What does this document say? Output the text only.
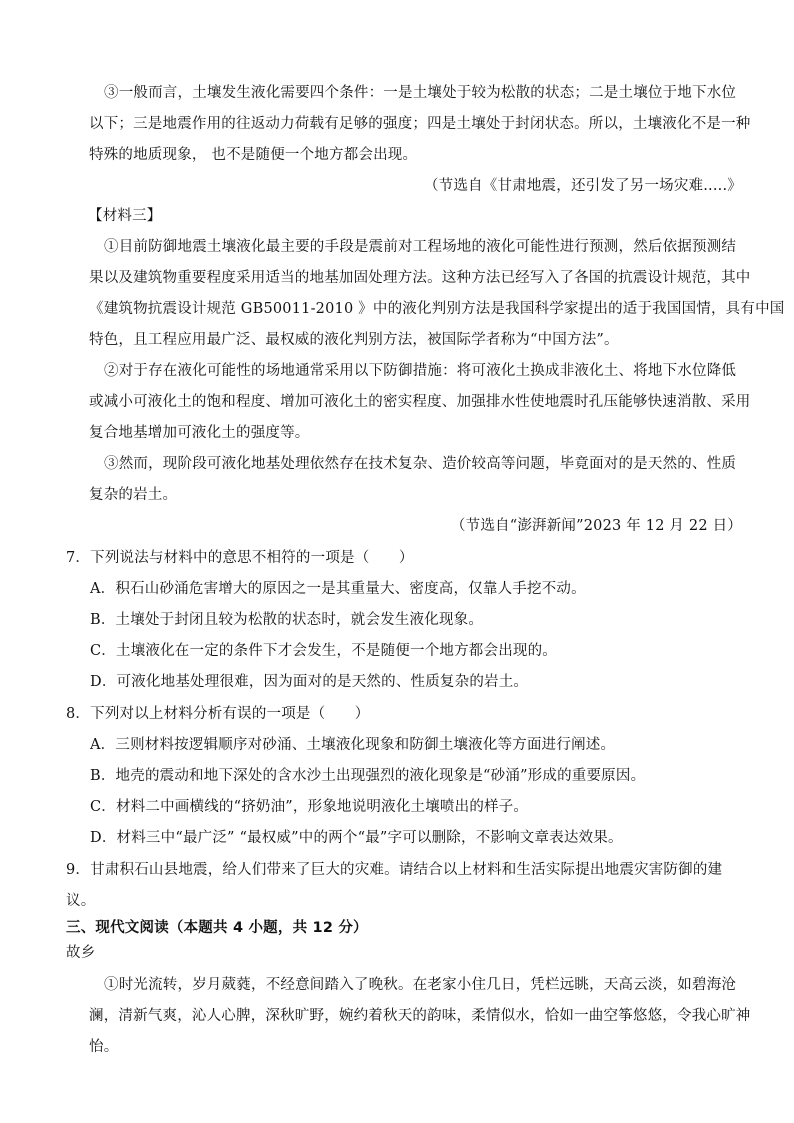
③一般而言，土壤发生液化需要四个条件：一是土壤处于较为松散的状态；二是土壤位于地下水位
以下；三是地震作用的往返动力荷载有足够的强度；四是土壤处于封闭状态。所以，土壤液化不是一种
特殊的地质现象， 也不是随便一个地方都会出现。
（节选自《甘肃地震，还引发了另一场灾难.....》
【材料三】
①目前防御地震土壤液化最主要的手段是震前对工程场地的液化可能性进行预测，然后依据预测结
果以及建筑物重要程度采用适当的地基加固处理方法。这种方法已经写入了各国的抗震设计规范，其中
《建筑物抗震设计规范 GB50011-2010 》中的液化判别方法是我国科学家提出的适于我国国情，具有中国
特色，且工程应用最广泛、最权威的液化判别方法，被国际学者称为“中国方法”。
②对于存在液化可能性的场地通常采用以下防御措施：将可液化土换成非液化土、将地下水位降低
或减小可液化土的饱和程度、增加可液化土的密实程度、加强排水性使地震时孔压能够快速消散、采用
复合地基增加可液化土的强度等。
③然而，现阶段可液化地基处理依然存在技术复杂、造价较高等问题，毕竟面对的是天然的、性质
复杂的岩土。
（节选自“澎湃新闻”2023 年 12 月 22 日）
7．下列说法与材料中的意思不相符的一项是（　　）
A．积石山砂涌危害增大的原因之一是其重量大、密度高，仅靠人手挖不动。
B．土壤处于封闭且较为松散的状态时，就会发生液化现象。
C．土壤液化在一定的条件下才会发生，不是随便一个地方都会出现的。
D．可液化地基处理很难，因为面对的是天然的、性质复杂的岩土。
8．下列对以上材料分析有误的一项是（　　）
A．三则材料按逻辑顺序对砂涌、土壤液化现象和防御土壤液化等方面进行阐述。
B．地壳的震动和地下深处的含水沙土出现强烈的液化现象是“砂涌”形成的重要原因。
C．材料二中画横线的“挤奶油”，形象地说明液化土壤喷出的样子。
D．材料三中“最广泛” “最权威”中的两个“最”字可以删除，不影响文章表达效果。
9．甘肃积石山县地震，给人们带来了巨大的灾难。请结合以上材料和生活实际提出地震灾害防御的建
议。
三、现代文阅读（本题共 4 小题，共 12 分）
故乡
①时光流转，岁月葳蕤，不经意间踏入了晚秋。在老家小住几日，凭栏远眺，天高云淡，如碧海沧
澜，清新气爽，沁人心脾，深秋旷野，婉约着秋天的韵味，柔情似水，恰如一曲空筝悠悠，令我心旷神
怡。
